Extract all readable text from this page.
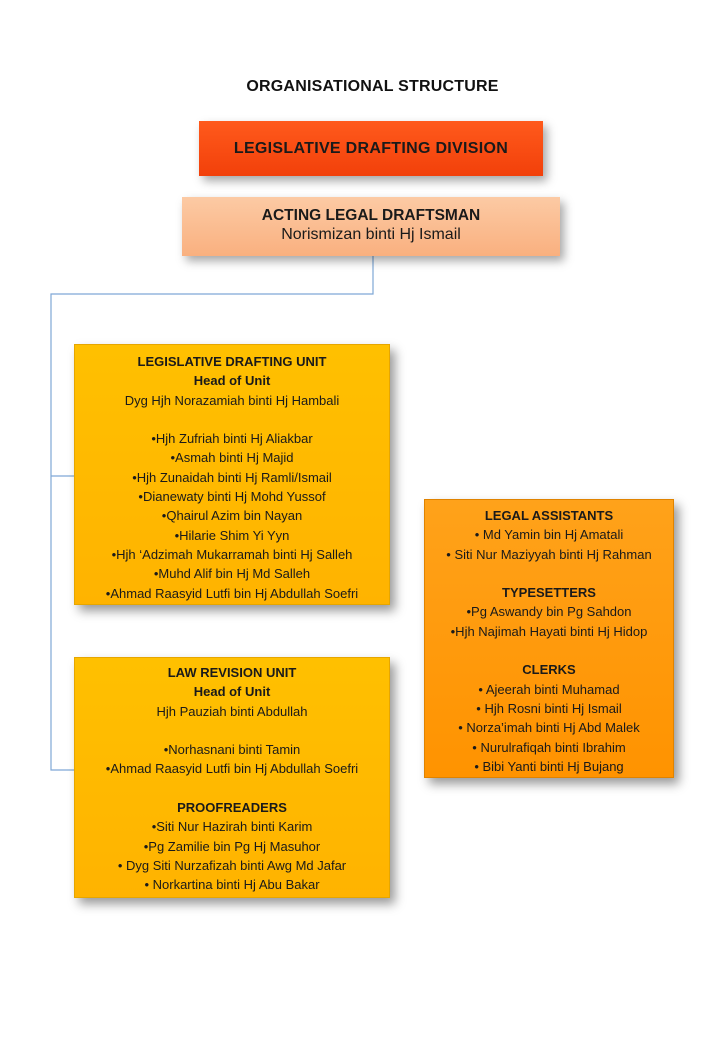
ORGANISATIONAL STRUCTURE
LEGISLATIVE DRAFTING DIVISION
ACTING LEGAL DRAFTSMAN
Norismizan binti Hj Ismail
LEGISLATIVE DRAFTING UNIT
Head of Unit
Dyg Hjh Norazamiah binti Hj Hambali
•Hjh Zufriah binti Hj Aliakbar
•Asmah binti Hj Majid
•Hjh Zunaidah binti Hj Ramli/Ismail
•Dianewaty binti Hj Mohd Yussof
•Qhairul Azim bin Nayan
•Hilarie Shim Yi Yyn
•Hjh ‘Adzimah Mukarramah binti Hj Salleh
•Muhd Alif bin Hj Md Salleh
•Ahmad Raasyid Lutfi bin Hj Abdullah Soefri
LAW REVISION UNIT
Head of Unit
Hjh Pauziah binti Abdullah
•Norhasnani binti Tamin
•Ahmad Raasyid Lutfi bin Hj Abdullah Soefri
PROOFREADERS
•Siti Nur Hazirah binti Karim
•Pg Zamilie bin Pg Hj Masuhor
• Dyg Siti Nurzafizah binti Awg Md Jafar
• Norkartina binti Hj Abu Bakar
LEGAL ASSISTANTS
• Md Yamin bin Hj Amatali
• Siti Nur Maziyyah binti Hj Rahman
TYPESETTERS
•Pg Aswandy bin Pg Sahdon
•Hjh Najimah Hayati binti Hj Hidop
CLERKS
• Ajeerah binti Muhamad
• Hjh Rosni binti Hj Ismail
• Norza’imah binti Hj Abd Malek
• Nurulrafiqah binti Ibrahim
• Bibi Yanti binti Hj Bujang
